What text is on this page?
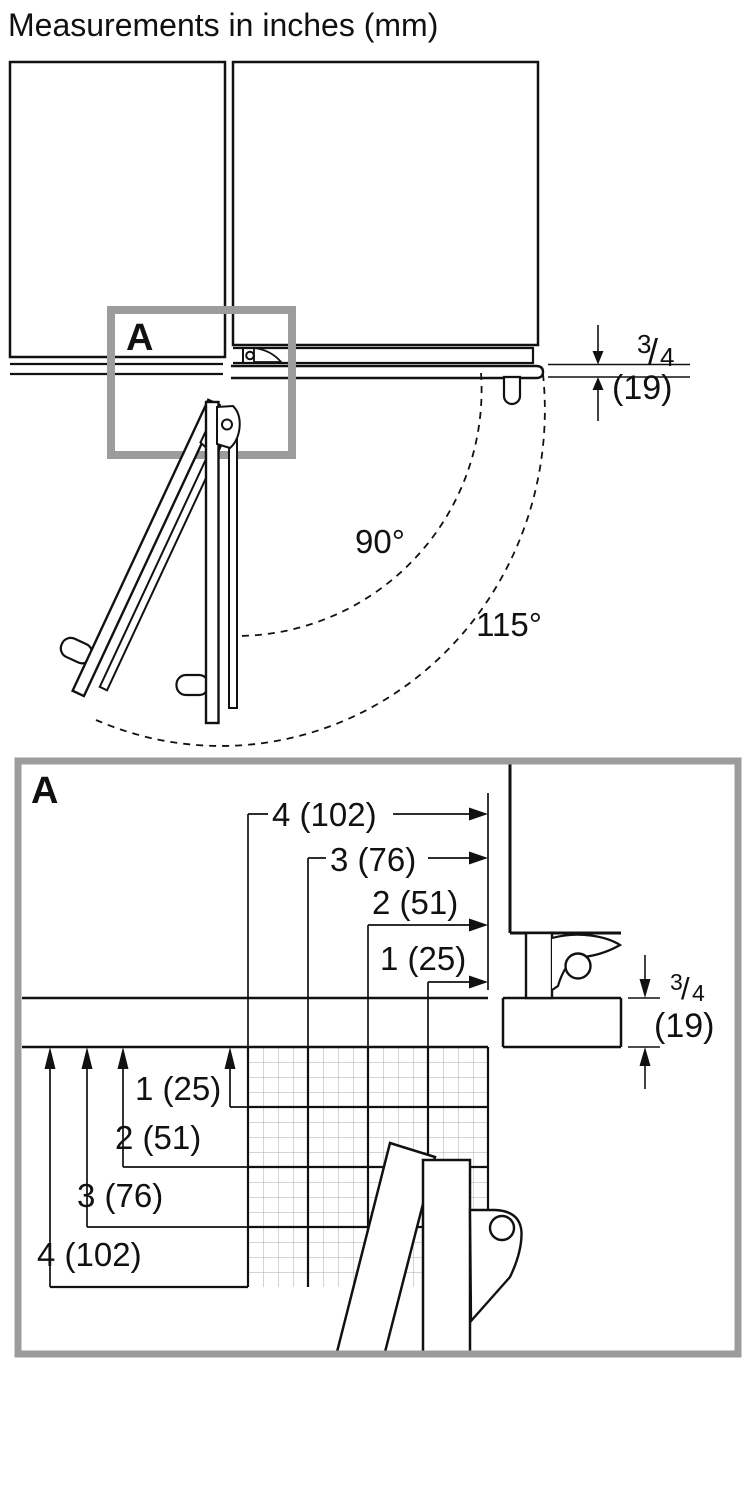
Measurements in inches (mm)
A
90°
115°
3
/ 4
(19)
A
4 (102)
3 (76)
2 (51)
1 (25)
1 (25)
2 (51)
3 (76)
4 (102)
3
/ 4
(19)
